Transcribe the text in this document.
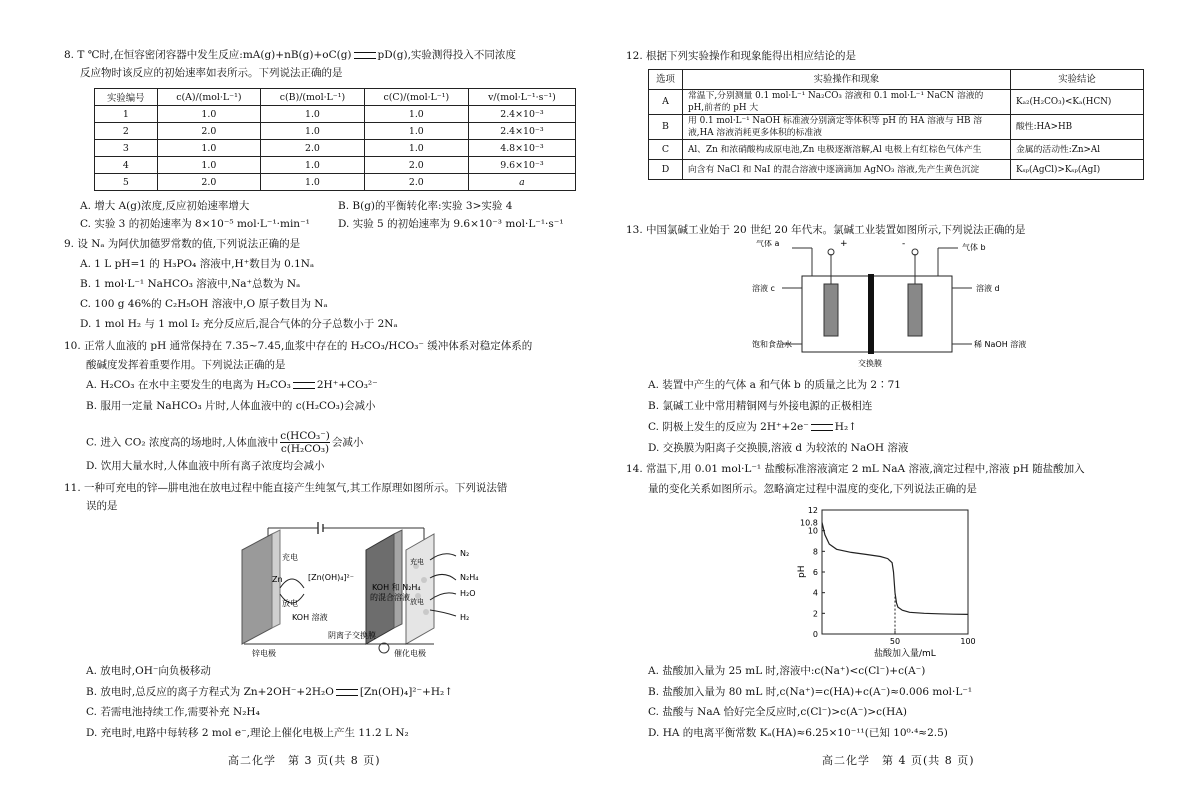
8. T ℃时,在恒容密闭容器中发生反应:mA(g)+nB(g)+oC(g) pD(g),实验测得投入不同浓度
反应物时该反应的初始速率如表所示。下列说法正确的是
实验编号	c(A)/(mol·L⁻¹)	c(B)/(mol·L⁻¹)	c(C)/(mol·L⁻¹)	v/(mol·L⁻¹·s⁻¹)
1	1.0	1.0	1.0	2.4×10⁻³
2	2.0	1.0	1.0	2.4×10⁻³
3	1.0	2.0	1.0	4.8×10⁻³
4	1.0	1.0	2.0	9.6×10⁻³
5	2.0	1.0	2.0	a
A. 增大 A(g)浓度,反应初始速率增大	B. B(g)的平衡转化率:实验 3>实验 4
C. 实验 3 的初始速率为 8×10⁻⁵ mol·L⁻¹·min⁻¹	D. 实验 5 的初始速率为 9.6×10⁻³ mol·L⁻¹·s⁻¹
9. 设 Nₐ 为阿伏加德罗常数的值,下列说法正确的是
A. 1 L pH=1 的 H₃PO₄ 溶液中,H⁺数目为 0.1Nₐ
B. 1 mol·L⁻¹ NaHCO₃ 溶液中,Na⁺总数为 Nₐ
C. 100 g 46%的 C₂H₅OH 溶液中,O 原子数目为 Nₐ
D. 1 mol H₂ 与 1 mol I₂ 充分反应后,混合气体的分子总数小于 2Nₐ
10. 正常人血液的 pH 通常保持在 7.35~7.45,血浆中存在的 H₂CO₃/HCO₃⁻ 缓冲体系对稳定体系的
酸碱度发挥着重要作用。下列说法正确的是
A. H₂CO₃ 在水中主要发生的电离为 H₂CO₃ 2H⁺+CO₃²⁻
B. 服用一定量 NaHCO₃ 片时,人体血液中的 c(H₂CO₃)会减小
C. 进入 CO₂ 浓度高的场地时,人体血液中
c(HCO₃⁻)
c(H₂CO₃)
会减小
D. 饮用大量水时,人体血液中所有离子浓度均会减小
11. 一种可充电的锌—肼电池在放电过程中能直接产生纯氢气,其工作原理如图所示。下列说法错
误的是
充电
放电
Zn	[Zn(OH)₄]²⁻
KOH 溶液
KOH 和 N₂H₄
的混合溶液
阴离子交换膜
锌电极	催化电极
充电
放电
N₂
N₂H₄
H₂O
H₂
A. 放电时,OH⁻向负极移动
B. 放电时,总反应的离子方程式为 Zn+2OH⁻+2H₂O [Zn(OH)₄]²⁻+H₂↑
C. 若需电池持续工作,需要补充 N₂H₄
D. 充电时,电路中每转移 2 mol e⁻,理论上催化电极上产生 11.2 L N₂
高二化学　第 3 页(共 8 页)
12. 根据下列实验操作和现象能得出相应结论的是
选项	实验操作和现象	实验结论
A	常温下,分别测量 0.1 mol·L⁻¹ Na₂CO₃ 溶液和 0.1 mol·L⁻¹ NaCN 溶液的
pH,前者的 pH 大	Kₐ₂(H₂CO₃)<Kₐ(HCN)
B	用 0.1 mol·L⁻¹ NaOH 标准液分别滴定等体积等 pH 的 HA 溶液与 HB 溶
液,HA 溶液消耗更多体积的标准液	酸性:HA>HB
C	Al、Zn 和浓硝酸构成原电池,Zn 电极逐渐溶解,Al 电极上有红棕色气体产生	金属的活动性:Zn>Al
D	向含有 NaCl 和 NaI 的混合溶液中逐滴滴加 AgNO₃ 溶液,先产生黄色沉淀	Kₛₚ(AgCl)>Kₛₚ(AgI)
13. 中国氯碱工业始于 20 世纪 20 年代末。氯碱工业装置如图所示,下列说法正确的是
气体 a	+	-	气体 b
溶液 c	溶液 d
饱和食盐水	稀 NaOH 溶液
交换膜
A. 装置中产生的气体 a 和气体 b 的质量之比为 2∶71
B. 氯碱工业中常用精铜网与外接电源的正极相连
C. 阴极上发生的反应为 2H⁺+2e⁻ H₂↑
D. 交换膜为阳离子交换膜,溶液 d 为较浓的 NaOH 溶液
14. 常温下,用 0.01 mol·L⁻¹ 盐酸标准溶液滴定 2 mL NaA 溶液,滴定过程中,溶液 pH 随盐酸加入
量的变化关系如图所示。忽略滴定过程中温度的变化,下列说法正确的是
0
2
4
6
8
10
12
50	100
10.8
pH
盐酸加入量/mL
A. 盐酸加入量为 25 mL 时,溶液中:c(Na⁺)<c(Cl⁻)+c(A⁻)
B. 盐酸加入量为 80 mL 时,c(Na⁺)=c(HA)+c(A⁻)≈0.006 mol·L⁻¹
C. 盐酸与 NaA 恰好完全反应时,c(Cl⁻)>c(A⁻)>c(HA)
D. HA 的电离平衡常数 Kₐ(HA)≈6.25×10⁻¹¹(已知 10⁰·⁴≈2.5)
高二化学　第 4 页(共 8 页)
